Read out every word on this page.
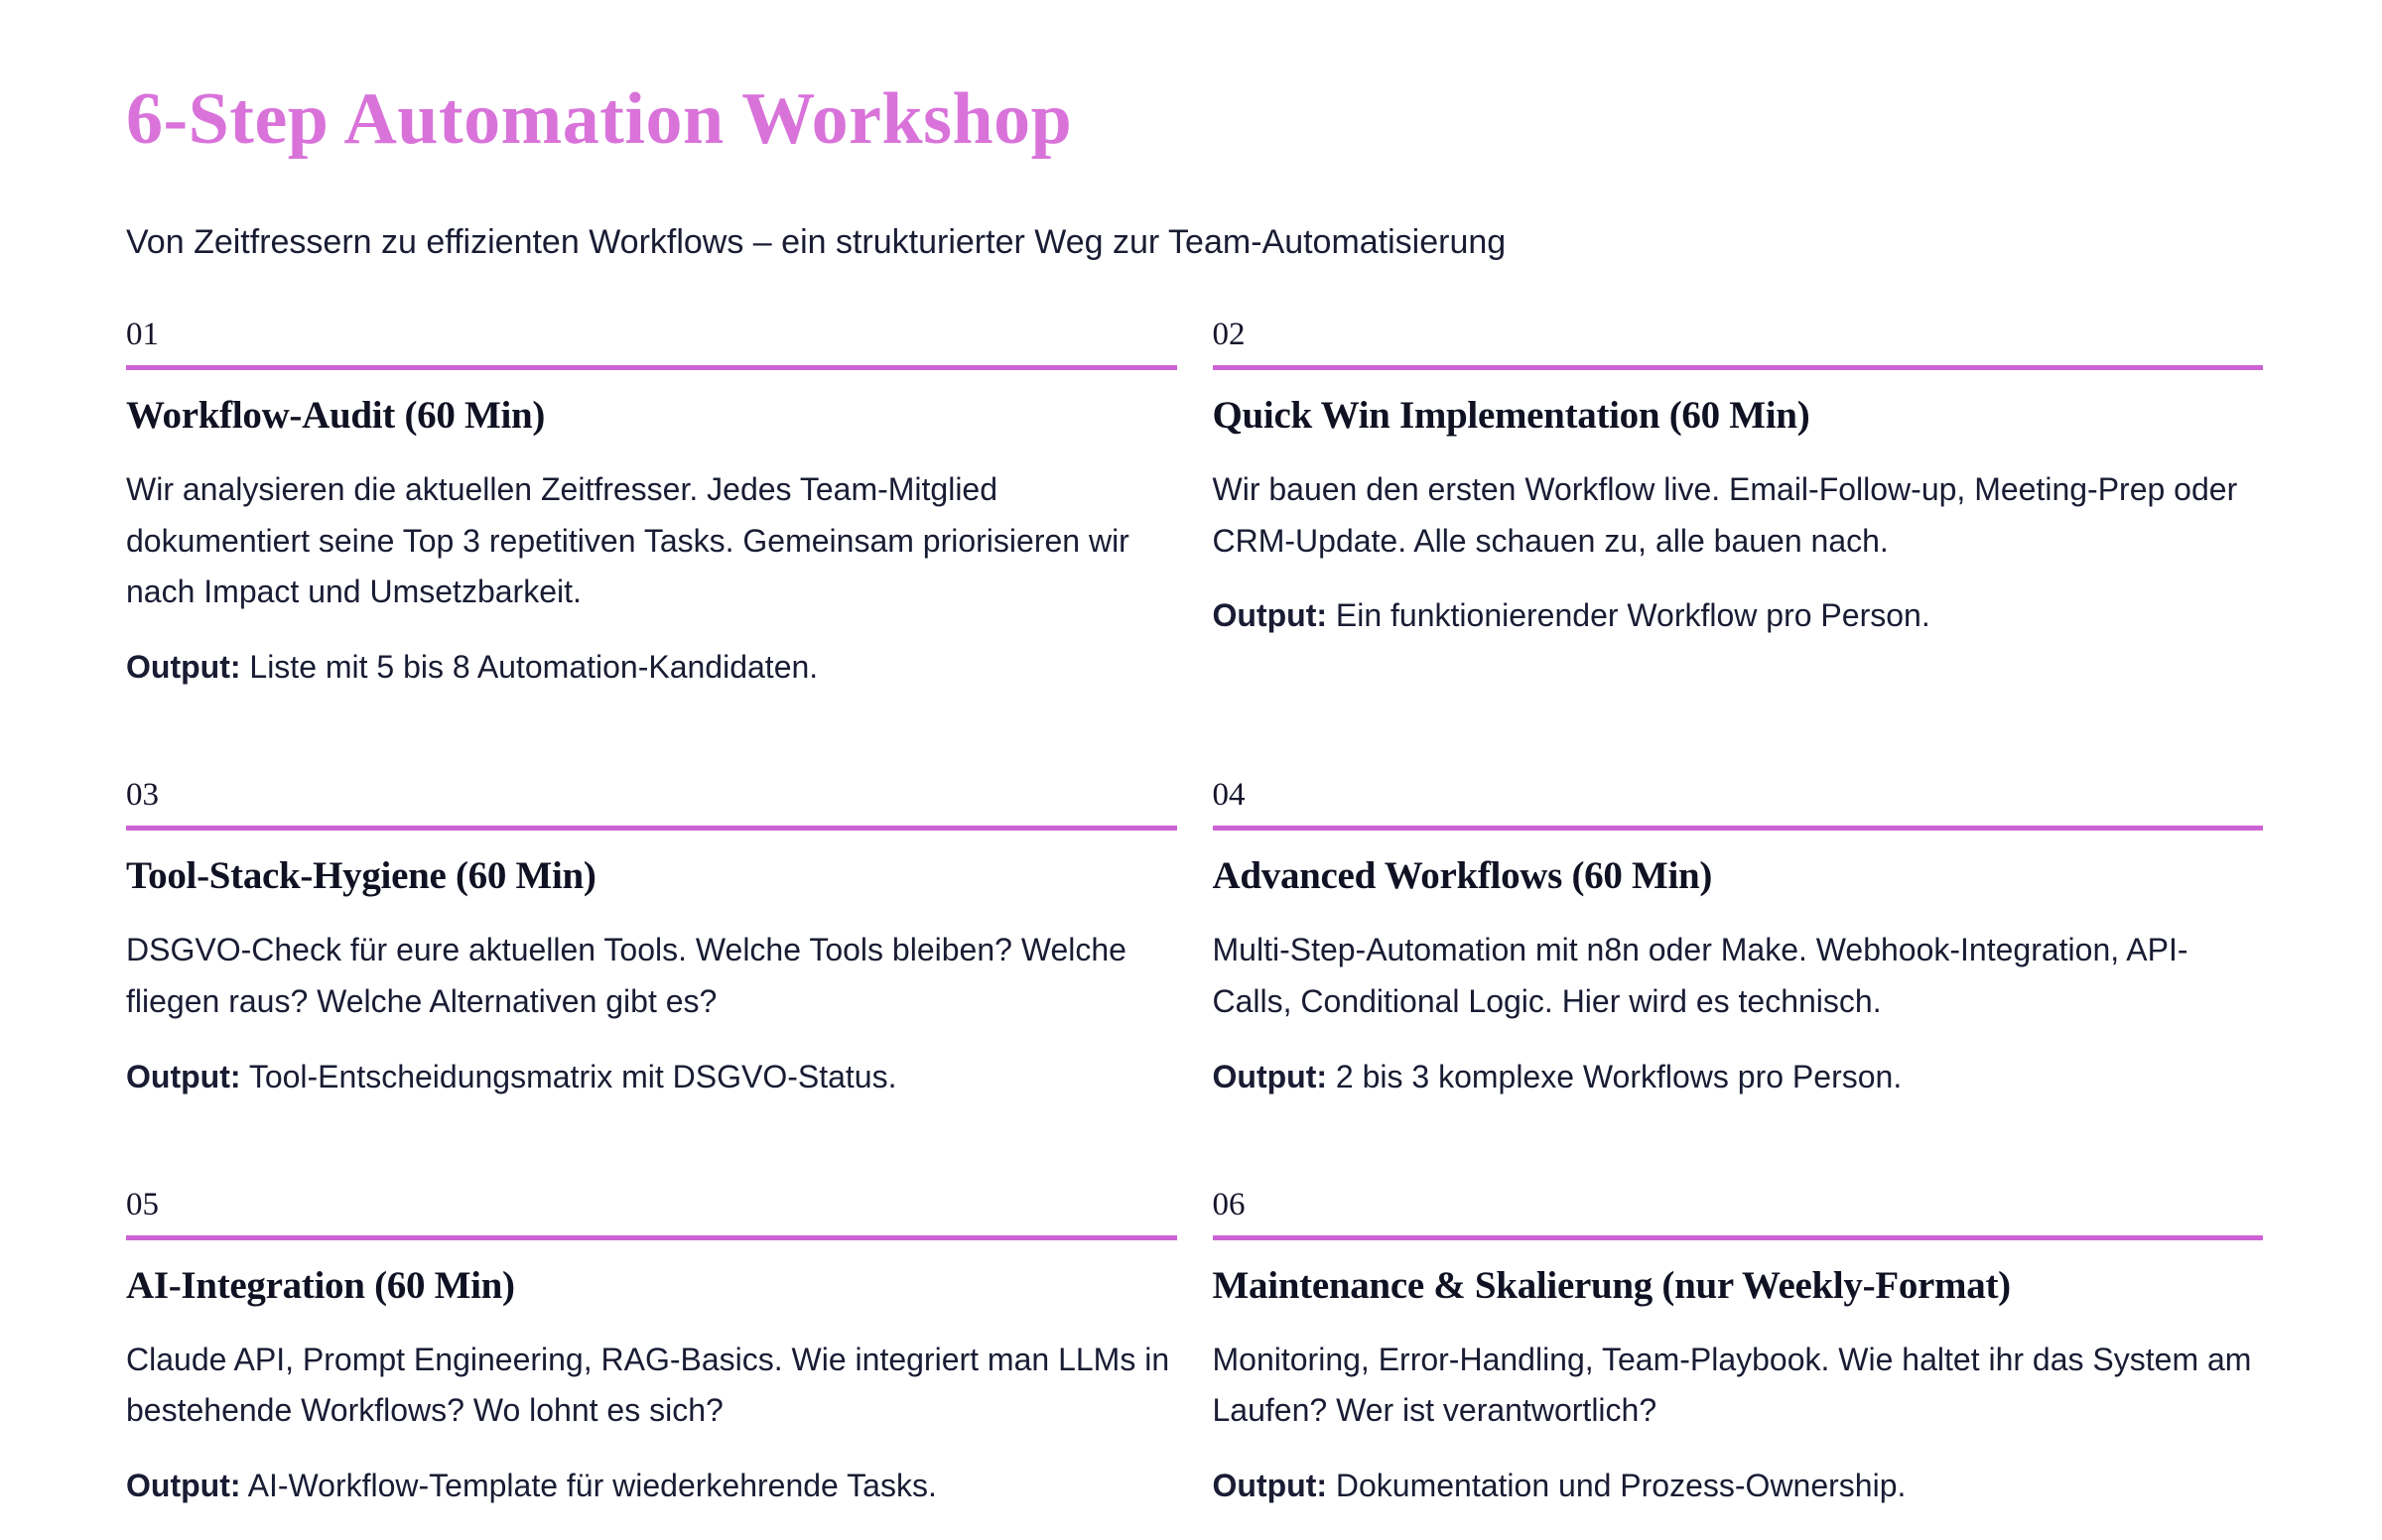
6-Step Automation Workshop

Von Zeitfressern zu effizienten Workflows – ein strukturierter Weg zur Team-Automatisierung

01
Workflow-Audit (60 Min)

Wir analysieren die aktuellen Zeitfresser. Jedes Team-Mitglied dokumentiert seine Top 3 repetitiven Tasks. Gemeinsam priorisieren wir nach Impact und Umsetzbarkeit.

Output: Liste mit 5 bis 8 Automation-Kandidaten.

02
Quick Win Implementation (60 Min)

Wir bauen den ersten Workflow live. Email-Follow-up, Meeting-Prep oder CRM-Update. Alle schauen zu, alle bauen nach.

Output: Ein funktionierender Workflow pro Person.

03
Tool-Stack-Hygiene (60 Min)

DSGVO-Check für eure aktuellen Tools. Welche Tools bleiben? Welche fliegen raus? Welche Alternativen gibt es?

Output: Tool-Entscheidungsmatrix mit DSGVO-Status.

04
Advanced Workflows (60 Min)

Multi-Step-Automation mit n8n oder Make. Webhook-Integration, API-Calls, Conditional Logic. Hier wird es technisch.

Output: 2 bis 3 komplexe Workflows pro Person.

05
AI-Integration (60 Min)

Claude API, Prompt Engineering, RAG-Basics. Wie integriert man LLMs in bestehende Workflows? Wo lohnt es sich?

Output: AI-Workflow-Template für wiederkehrende Tasks.

06
Maintenance & Skalierung (nur Weekly-Format)

Monitoring, Error-Handling, Team-Playbook. Wie haltet ihr das System am Laufen? Wer ist verantwortlich?

Output: Dokumentation und Prozess-Ownership.
